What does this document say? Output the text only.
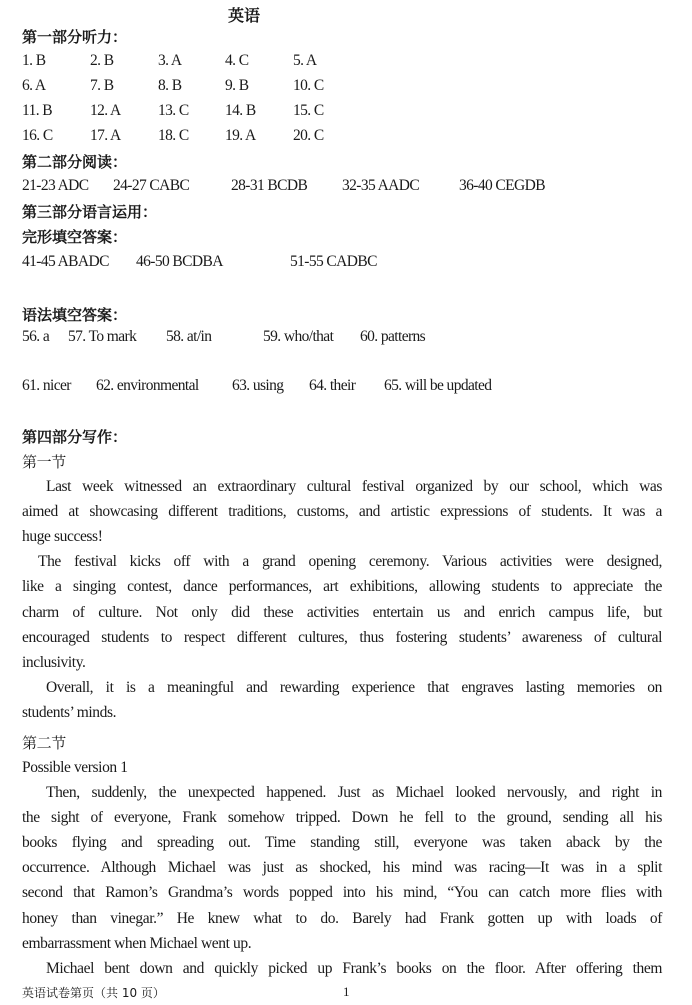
英语
第一部分听力：
1. B	2. B	3. A	4. C	5. A
6. A	7. B	8. B	9. B	10. C
11. B 12. A 13. C 14. B 15. C
16. C 17. A 18. C 19. A 20. C
第二部分阅读：
21-23 ADC 24-27 CABC	28-31 BCDB 32-35 AADC	36-40 CEGDB
第三部分语言运用：
完形填空答案：
41-45 ABADC 46-50 BCDBA	51-55 CADBC
语法填空答案：
56. a 57. To mark 58. at/in	59. who/that 60. patterns
61. nicer 62. environmental 63. using 64. their 65. will be updated
第四部分写作：
第一节
Last week witnessed an extraordinary cultural festival organized by our school, which was
aimed at showcasing different traditions, customs, and artistic expressions of students. It was a
huge success!
The festival kicks off with a grand opening ceremony. Various activities were designed,
like a singing contest, dance performances, art exhibitions, allowing students to appreciate the
charm of culture. Not only did these activities entertain us and enrich campus life, but
encouraged students to respect different cultures, thus fostering students’ awareness of cultural
inclusivity.
Overall, it is a meaningful and rewarding experience that engraves lasting memories on
students’ minds.
第二节
Possible version 1
Then, suddenly, the unexpected happened. Just as Michael looked nervously, and right in
the sight of everyone, Frank somehow tripped. Down he fell to the ground, sending all his
books flying and spreading out. Time standing still, everyone was taken aback by the
occurrence. Although Michael was just as shocked, his mind was racing—It was in a split
second that Ramon’s Grandma’s words popped into his mind, “You can catch more flies with
honey than vinegar.” He knew what to do. Barely had Frank gotten up with loads of
embarrassment when Michael went up.
Michael bent down and quickly picked up Frank’s books on the floor. After offering them
英语试卷第页（共 10 页）	1
